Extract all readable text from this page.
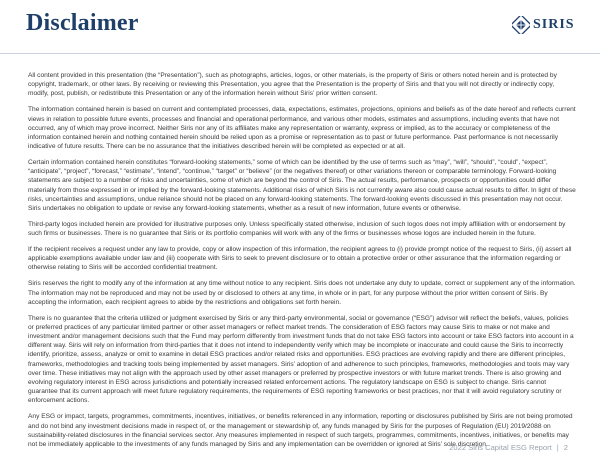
Disclaimer	SIRIS

All content provided in this presentation (the “Presentation”), such as photographs, articles, logos, or other materials, is the property of Siris or others noted herein and is protected by copyright, trademark, or other laws. By receiving or reviewing this Presentation, you agree that the Presentation is the property of Siris and that you will not directly or indirectly copy, modify, post, publish, or redistribute this Presentation or any of the information herein without Siris’ prior written consent.

The information contained herein is based on current and contemplated processes, data, expectations, estimates, projections, opinions and beliefs as of the date hereof and reflects current views in relation to possible future events, processes and financial and operational performance, and various other models, estimates and assumptions, including events that have not occurred, any of which may prove incorrect. Neither Siris nor any of its affiliates make any representation or warranty, express or implied, as to the accuracy or completeness of the information contained herein and nothing contained herein should be relied upon as a promise or representation as to past or future performance. Past performance is not necessarily indicative of future results. There can be no assurance that the initiatives described herein will be completed as expected or at all.

Certain information contained herein constitutes “forward-looking statements,” some of which can be identified by the use of terms such as “may”, “will”, “should”, “could”, “expect”, “anticipate”, “project”, “forecast,” “estimate”, “intend”, “continue,” “target” or “believe” (or the negatives thereof) or other variations thereon or comparable terminology. Forward-looking statements are subject to a number of risks and uncertainties, some of which are beyond the control of Siris. The actual results, performance, prospects or opportunities could differ materially from those expressed in or implied by the forward-looking statements. Additional risks of which Siris is not currently aware also could cause actual results to differ. In light of these risks, uncertainties and assumptions, undue reliance should not be placed on any forward-looking statements. The forward-looking events discussed in this presentation may not occur. Siris undertakes no obligation to update or revise any forward-looking statements, whether as a result of new information, future events or otherwise.

Third-party logos included herein are provided for illustrative purposes only. Unless specifically stated otherwise, inclusion of such logos does not imply affiliation with or endorsement by such firms or businesses. There is no guarantee that Siris or its portfolio companies will work with any of the firms or businesses whose logos are included herein in the future.

If the recipient receives a request under any law to provide, copy or allow inspection of this information, the recipient agrees to (i) provide prompt notice of the request to Siris, (ii) assert all applicable exemptions available under law and (iii) cooperate with Siris to seek to prevent disclosure or to obtain a protective order or other assurance that the information regarding or otherwise relating to Siris will be accorded confidential treatment.

Siris reserves the right to modify any of the information at any time without notice to any recipient. Siris does not undertake any duty to update, correct or supplement any of the information. The information may not be reproduced and may not be used by or disclosed to others at any time, in whole or in part, for any purpose without the prior written consent of Siris. By accepting the information, each recipient agrees to abide by the restrictions and obligations set forth herein.

There is no guarantee that the criteria utilized or judgment exercised by Siris or any third-party environmental, social or governance (“ESG”) advisor will reflect the beliefs, values, policies or preferred practices of any particular limited partner or other asset managers or reflect market trends. The consideration of ESG factors may cause Siris to make or not make and investment and/or management decisions such that the Fund may perform differently from investment funds that do not take ESG factors into account or take ESG factors into account in a different way. Siris will rely on information from third-parties that it does not intend to independently verify which may be incomplete or inaccurate and could cause the Siris to incorrectly identify, prioritize, assess, analyze or omit to examine in detail ESG practices and/or related risks and opportunities. ESG practices are evolving rapidly and there are different principles, frameworks, methodologies and tracking tools being implemented by asset managers. Siris’ adoption of and adherence to such principles, frameworks, methodologies and tools may vary over time. These initiatives may not align with the approach used by other asset managers or preferred by prospective investors or with future market trends. There is also growing and evolving regulatory interest in ESG across jurisdictions and potentially increased related enforcement actions. The regulatory landscape on ESG is subject to change. Siris cannot guarantee that its current approach will meet future regulatory requirements, the requirements of ESG reporting frameworks or best practices, nor that it will avoid regulatory scrutiny or enforcement actions.

Any ESG or impact, targets, programmes, commitments, incentives, initiatives, or benefits referenced in any information, reporting or disclosures published by Siris are not being promoted and do not bind any investment decisions made in respect of, or the management or stewardship of, any funds managed by Siris for the purposes of Regulation (EU) 2019/2088 on sustainability-related disclosures in the financial services sector. Any measures implemented in respect of such targets, programmes, commitments, incentives, initiatives, or benefits may not be immediately applicable to the investments of any funds managed by Siris and any implementation can be overridden or ignored at Siris’ sole discretion.

2022 Siris Capital ESG Report | 2
